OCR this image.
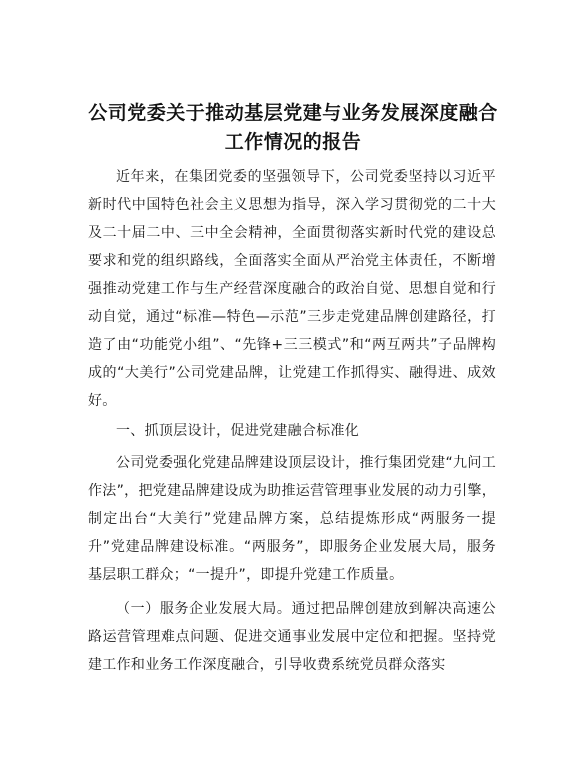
公司党委关于推动基层党建与业务发展深度融合工作情况的报告

近年来，在集团党委的坚强领导下，公司党委坚持以习近平新时代中国特色社会主义思想为指导，深入学习贯彻党的二十大及二十届二中、三中全会精神，全面贯彻落实新时代党的建设总要求和党的组织路线，全面落实全面从严治党主体责任，不断增强推动党建工作与生产经营深度融合的政治自觉、思想自觉和行动自觉，通过“标准—特色—示范”三步走党建品牌创建路径，打造了由“功能党小组”、“先锋+三三模式”和“两互两共”子品牌构成的“大美行”公司党建品牌，让党建工作抓得实、融得进、成效好。

一、抓顶层设计，促进党建融合标准化

公司党委强化党建品牌建设顶层设计，推行集团党建“九问工作法”，把党建品牌建设成为助推运营管理事业发展的动力引擎，制定出台“大美行”党建品牌方案，总结提炼形成“两服务一提升”党建品牌建设标准。“两服务”，即服务企业发展大局，服务基层职工群众；“一提升”，即提升党建工作质量。

（一）服务企业发展大局。通过把品牌创建放到解决高速公路运营管理难点问题、促进交通事业发展中定位和把握。坚持党建工作和业务工作深度融合，引导收费系统党员群众落实
